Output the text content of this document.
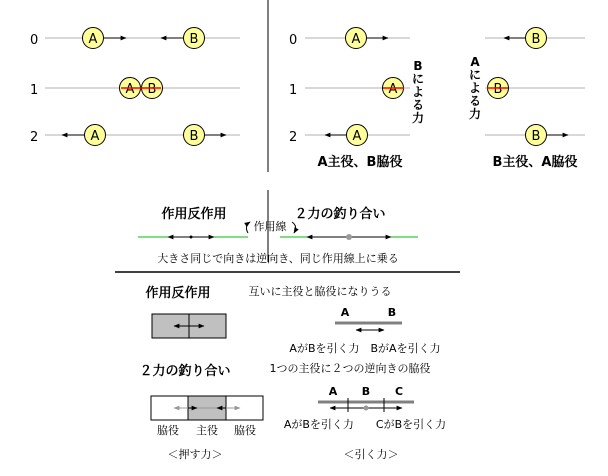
0	A	B
1	A B
2	A	B
0	A
1	A
2	A
B
に
よ
る
力
B
B
B
A
に
よ
る
力
A主役、B脇役	B主役、A脇役
作用反作用	２力の釣り合い
作用線
大きさ同じで向きは逆向き、同じ作用線上に乗る
作用反作用
２力の釣り合い
脇役 主役 脇役
＜押す力＞
互いに主役と脇役になりうる
A	B
AがBを引く力　BがAを引く力
1つの主役に２つの逆向きの脇役
A B C
AがBを引く力　　CがBを引く力
＜引く力＞
